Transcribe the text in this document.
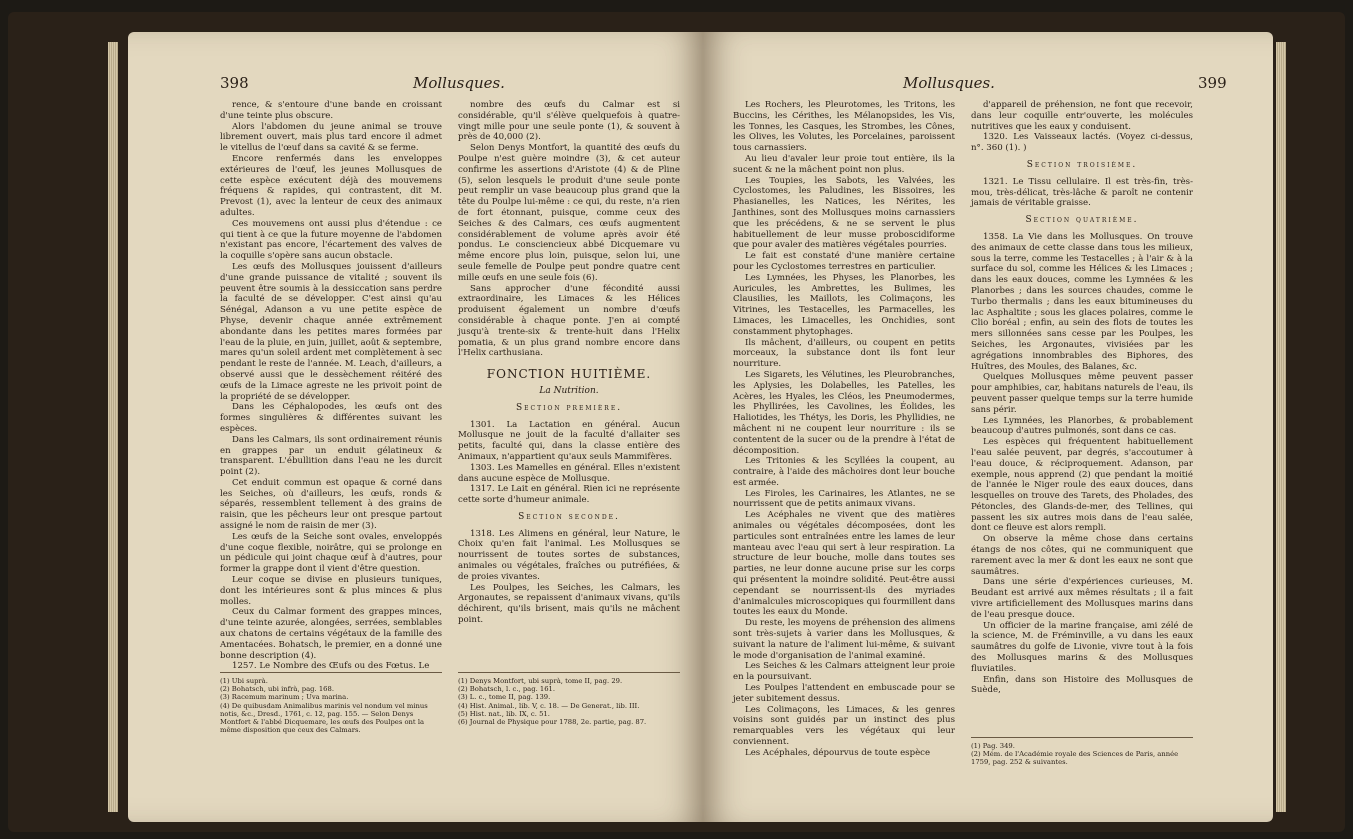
398	Mollusques.

rence, & s'entoure d'une bande en croissant d'une teinte plus obscure.

Alors l'abdomen du jeune animal se trouve librement ouvert, mais plus tard encore il admet le vitellus de l'œuf dans sa cavité & se ferme.

Encore renfermés dans les enveloppes extérieures de l'œuf, les jeunes Mollusques de cette espèce exécutent déjà des mouvemens fréquens & rapides, qui contrastent, dit M. Prevost (1), avec la lenteur de ceux des animaux adultes.

Ces mouvemens ont aussi plus d'étendue : ce qui tient à ce que la future moyenne de l'abdomen n'existant pas encore, l'écartement des valves de la coquille s'opère sans aucun obstacle.

Les œufs des Mollusques jouissent d'ailleurs d'une grande puissance de vitalité ; souvent ils peuvent être soumis à la dessiccation sans perdre la faculté de se développer. C'est ainsi qu'au Sénégal, Adanson a vu une petite espèce de Physe, devenir chaque année extrêmement abondante dans les petites mares formées par l'eau de la pluie, en juin, juillet, août & septembre, mares qu'un soleil ardent met complètement à sec pendant le reste de l'année. M. Leach, d'ailleurs, a observé aussi que le dessèchement réitéré des œufs de la Limace agreste ne les privoit point de la propriété de se développer.

Dans les Céphalopodes, les œufs ont des formes singulières & différentes suivant les espèces.

Dans les Calmars, ils sont ordinairement réunis en grappes par un enduit gélatineux & transparent. L'ébullition dans l'eau ne les durcit point (2).

Cet enduit commun est opaque & corné dans les Seiches, où d'ailleurs, les œufs, ronds & séparés, ressemblent tellement à des grains de raisin, que les pêcheurs leur ont presque partout assigné le nom de raisin de mer (3).

Les œufs de la Seiche sont ovales, enveloppés d'une coque flexible, noirâtre, qui se prolonge en un pédicule qui joint chaque œuf à d'autres, pour former la grappe dont il vient d'être question.

Leur coque se divise en plusieurs tuniques, dont les intérieures sont & plus minces & plus molles.

Ceux du Calmar forment des grappes minces, d'une teinte azurée, alongées, serrées, semblables aux chatons de certains végétaux de la famille des Amentacées. Bohatsch, le premier, en a donné une bonne description (4).

1257. Le Nombre des Œufs ou des Fœtus. Le

nombre des œufs du Calmar est si considérable, qu'il s'élève quelquefois à quatre-vingt mille pour une seule ponte (1), & souvent à près de 40,000 (2).

Selon Denys Montfort, la quantité des œufs du Poulpe n'est guère moindre (3), & cet auteur confirme les assertions d'Aristote (4) & de Pline (5), selon lesquels le produit d'une seule ponte peut remplir un vase beaucoup plus grand que la tête du Poulpe lui-même : ce qui, du reste, n'a rien de fort étonnant, puisque, comme ceux des Seiches & des Calmars, ces œufs augmentent considérablement de volume après avoir été pondus. Le consciencieux abbé Dicquemare vu même encore plus loin, puisque, selon lui, une seule femelle de Poulpe peut pondre quatre cent mille œufs en une seule fois (6).

Sans approcher d'une fécondité aussi extraordinaire, les Limaces & les Hélices produisent également un nombre d'œufs considérable à chaque ponte. J'en ai compté jusqu'à trente-six & trente-huit dans l'Helix pomatia, & un plus grand nombre encore dans l'Helix carthusiana.

FONCTION HUITIÈME.
La Nutrition.
Section première.

1301. La Lactation en général. Aucun Mollusque ne jouit de la faculté d'allaiter ses petits, faculté qui, dans la classe entière des Animaux, n'appartient qu'aux seuls Mammifères.

1303. Les Mamelles en général. Elles n'existent dans aucune espèce de Mollusque.

1317. Le Lait en général. Rien ici ne représente cette sorte d'humeur animale.

Section seconde.

1318. Les Alimens en général, leur Nature, le Choix qu'en fait l'animal. Les Mollusques se nourrissent de toutes sortes de substances, animales ou végétales, fraîches ou putréfiées, & de proies vivantes.

Les Poulpes, les Seiches, les Calmars, les Argonautes, se repaissent d'animaux vivans, qu'ils déchirent, qu'ils brisent, mais qu'ils ne mâchent point.

(1) Ubi suprà.
(2) Bohatsch, ubi infrà, pag. 168.
(3) Racemum marinum ; Uva marina.
(4) De quibusdam Animalibus marinis vel nondum vel minus notis, &c., Dresd., 1761, c. 12, pag. 155. — Selon Denys Montfort & l'abbé Dicquemare, les œufs des Poulpes ont la même disposition que ceux des Calmars.
(1) Denys Montfort, ubi suprà, tome II, pag. 29.
(2) Bohatsch, l. c., pag. 161.
(3) L. c., tome II, pag. 139.
(4) Hist. Animal., lib. V, c. 18. — De Generat., lib. III.
(5) Hist. nat., lib. IX, c. 51.
(6) Journal de Physique pour 1788, 2e. partie, pag. 87.
Mollusques.	399

Les Rochers, les Pleurotomes, les Tritons, les Buccins, les Cérithes, les Mélanopsides, les Vis, les Tonnes, les Casques, les Strombes, les Cônes, les Olives, les Volutes, les Porcelaines, paroissent tous carnassiers.

Au lieu d'avaler leur proie tout entière, ils la sucent & ne la mâchent point non plus.

Les Toupies, les Sabots, les Valvées, les Cyclostomes, les Paludines, les Bissoires, les Phasianelles, les Natices, les Nérites, les Janthines, sont des Mollusques moins carnassiers que les précédens, & ne se servent le plus habituellement de leur musse proboscidiforme que pour avaler des matières végétales pourries.

Le fait est constaté d'une manière certaine pour les Cyclostomes terrestres en particulier.

Les Lymnées, les Physes, les Planorbes, les Auricules, les Ambrettes, les Bulimes, les Clausilies, les Maillots, les Colimaçons, les Vitrines, les Testacelles, les Parmacelles, les Limaces, les Limacelles, les Onchidies, sont constamment phytophages.

Ils mâchent, d'ailleurs, ou coupent en petits morceaux, la substance dont ils font leur nourriture.

Les Sigarets, les Vélutines, les Pleurobranches, les Aplysies, les Dolabelles, les Patelles, les Acères, les Hyales, les Cléos, les Pneumodermes, les Phyllirées, les Cavolines, les Éolides, les Haliotides, les Thétys, les Doris, les Phyllidies, ne mâchent ni ne coupent leur nourriture : ils se contentent de la sucer ou de la prendre à l'état de décomposition.

Les Tritonies & les Scyllées la coupent, au contraire, à l'aide des mâchoires dont leur bouche est armée.

Les Firoles, les Carinaires, les Atlantes, ne se nourrissent que de petits animaux vivans.

Les Acéphales ne vivent que des matières animales ou végétales décomposées, dont les particules sont entraînées entre les lames de leur manteau avec l'eau qui sert à leur respiration. La structure de leur bouche, molle dans toutes ses parties, ne leur donne aucune prise sur les corps qui présentent la moindre solidité. Peut-être aussi cependant se nourrissent-ils des myriades d'animalcules microscopiques qui fourmillent dans toutes les eaux du Monde.

Du reste, les moyens de préhension des alimens sont très-sujets à varier dans les Mollusques, & suivant la nature de l'aliment lui-même, & suivant le mode d'organisation de l'animal examiné.

Les Seiches & les Calmars atteignent leur proie en la poursuivant.

Les Poulpes l'attendent en embuscade pour se jeter subitement dessus.

Les Colimaçons, les Limaces, & les genres voisins sont guidés par un instinct des plus remarquables vers les végétaux qui leur conviennent.

Les Acéphales, dépourvus de toute espèce

d'appareil de préhension, ne font que recevoir, dans leur coquille entr'ouverte, les molécules nutritives que les eaux y conduisent.

1320. Les Vaisseaux lactés. (Voyez ci-dessus, n°. 360 (1). )

Section troisième.

1321. Le Tissu cellulaire. Il est très-fin, très-mou, très-délicat, très-lâche & paroît ne contenir jamais de véritable graisse.

Section quatrième.

1358. La Vie dans les Mollusques. On trouve des animaux de cette classe dans tous les milieux, sous la terre, comme les Testacelles ; à l'air & à la surface du sol, comme les Hélices & les Limaces ; dans les eaux douces, comme les Lymnées & les Planorbes ; dans les sources chaudes, comme le Turbo thermalis ; dans les eaux bitumineuses du lac Asphaltite ; sous les glaces polaires, comme le Clio boréal ; enfin, au sein des flots de toutes les mers sillonnées sans cesse par les Poulpes, les Seiches, les Argonautes, vivisiées par les agrégations innombrables des Biphores, des Huîtres, des Moules, des Balanes, &c.

Quelques Mollusques même peuvent passer pour amphibies, car, habitans naturels de l'eau, ils peuvent passer quelque temps sur la terre humide sans périr.

Les Lymnées, les Planorbes, & probablement beaucoup d'autres pulmonés, sont dans ce cas.

Les espèces qui fréquentent habituellement l'eau salée peuvent, par degrés, s'accoutumer à l'eau douce, & réciproquement. Adanson, par exemple, nous apprend (2) que pendant la moitié de l'année le Niger roule des eaux douces, dans lesquelles on trouve des Tarets, des Pholades, des Pétoncles, des Glands-de-mer, des Tellines, qui passent les six autres mois dans de l'eau salée, dont ce fleuve est alors rempli.

On observe la même chose dans certains étangs de nos côtes, qui ne communiquent que rarement avec la mer & dont les eaux ne sont que saumâtres.

Dans une série d'expériences curieuses, M. Beudant est arrivé aux mêmes résultats ; il a fait vivre artificiellement des Mollusques marins dans de l'eau presque douce.

Un officier de la marine française, ami zélé de la science, M. de Fréminville, a vu dans les eaux saumâtres du golfe de Livonie, vivre tout à la fois des Mollusques marins & des Mollusques fluviatiles.

Enfin, dans son Histoire des Mollusques de Suède,

(1) Pag. 349.
(2) Mém. de l'Académie royale des Sciences de Paris, année 1759, pag. 252 & suivantes.
